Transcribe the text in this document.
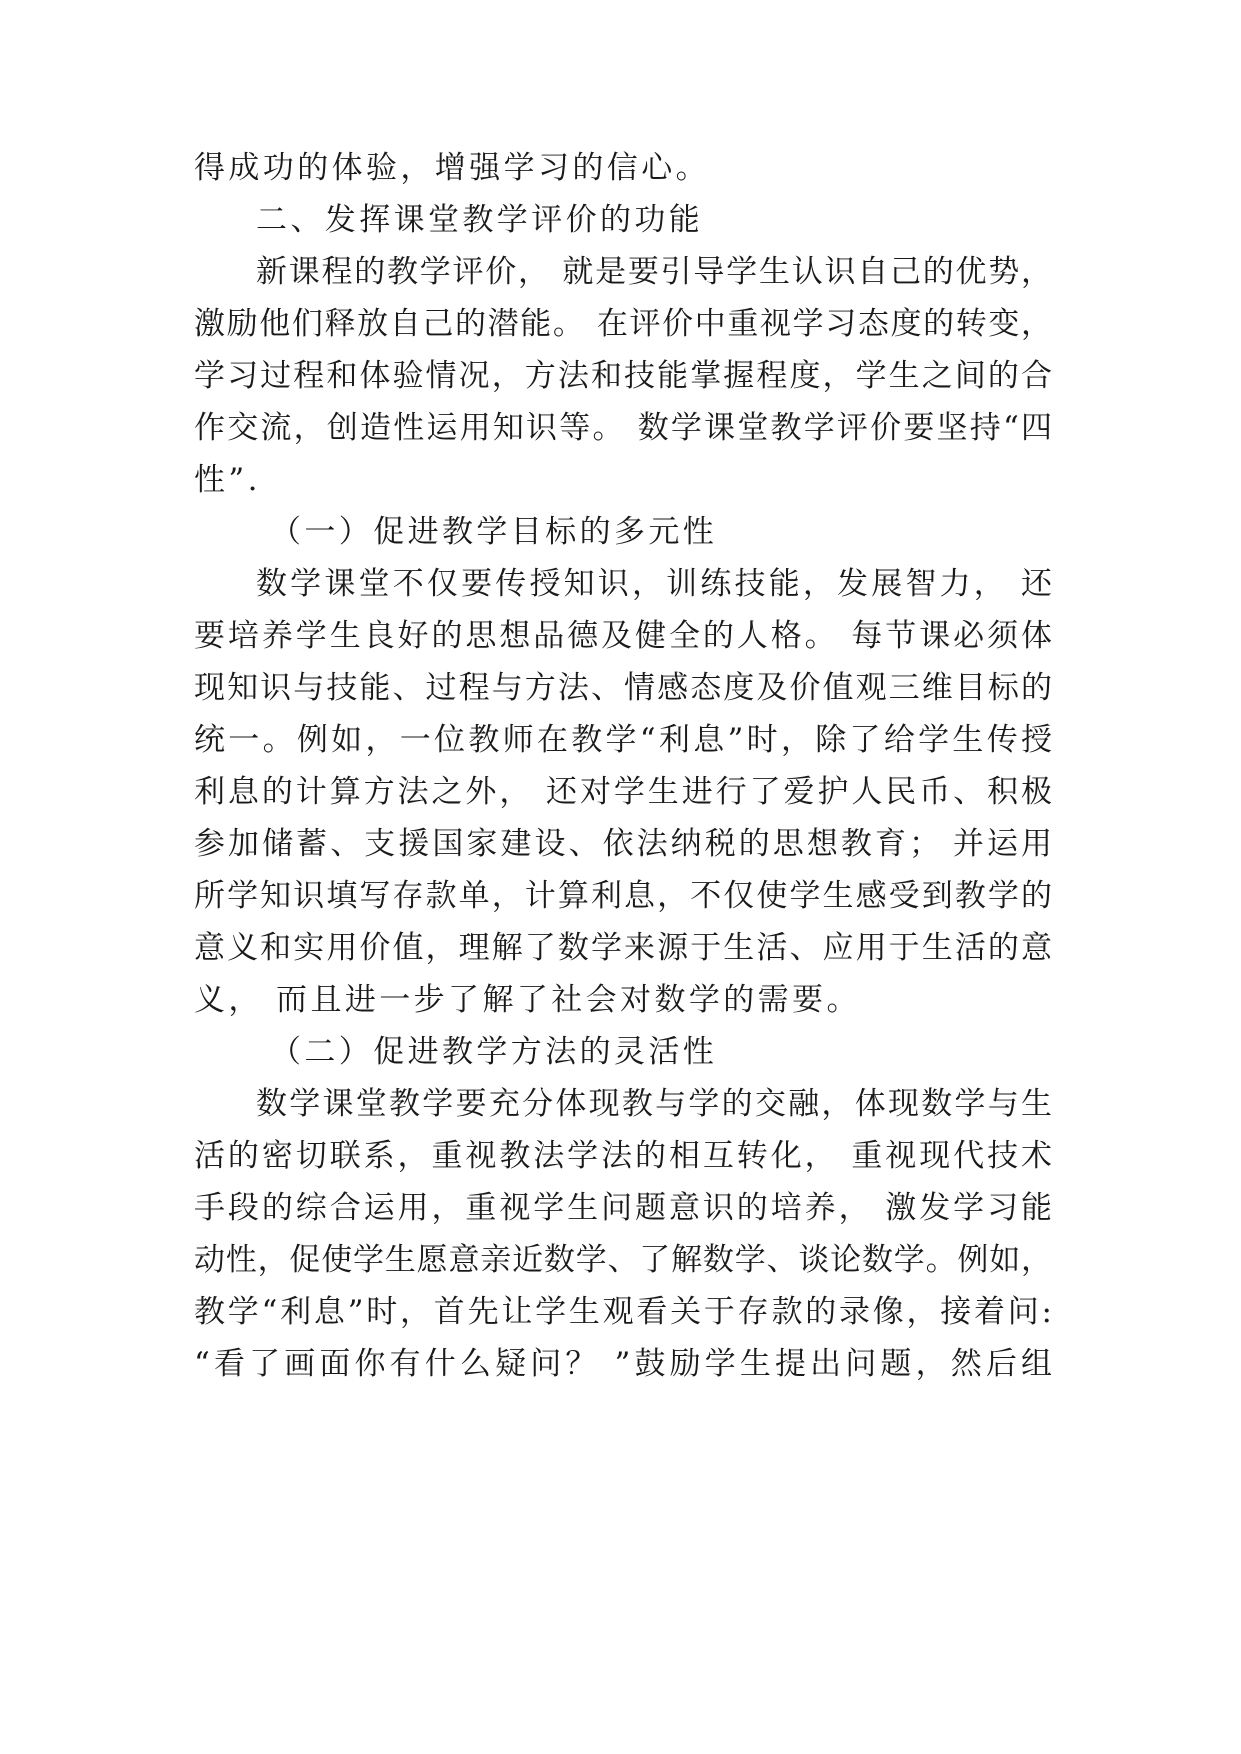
得成功的体验，增强学习的信心。
二、发挥课堂教学评价的功能
新课程的教学评价， 就是要引导学生认识自己的优势，
激励他们释放自己的潜能。 在评价中重视学习态度的转变，
学习过程和体验情况，方法和技能掌握程度，学生之间的合
作交流，创造性运用知识等。 数学课堂教学评价要坚持“四
性”.
（一）促进教学目标的多元性
数学课堂不仅要传授知识，训练技能，发展智力， 还
要培养学生良好的思想品德及健全的人格。 每节课必须体
现知识与技能、过程与方法、情感态度及价值观三维目标的
统一。例如，一位教师在教学“利息”时，除了给学生传授
利息的计算方法之外， 还对学生进行了爱护人民币、积极
参加储蓄、支援国家建设、依法纳税的思想教育； 并运用
所学知识填写存款单，计算利息，不仅使学生感受到教学的
意义和实用价值，理解了数学来源于生活、应用于生活的意
义， 而且进一步了解了社会对数学的需要。
（二）促进教学方法的灵活性
数学课堂教学要充分体现教与学的交融，体现数学与生
活的密切联系，重视教法学法的相互转化， 重视现代技术
手段的综合运用，重视学生问题意识的培养， 激发学习能
动性，促使学生愿意亲近数学、了解数学、谈论数学。例如，
教学“利息”时，首先让学生观看关于存款的录像，接着问:
“看了画面你有什么疑问？ ”鼓励学生提出问题，然后组
